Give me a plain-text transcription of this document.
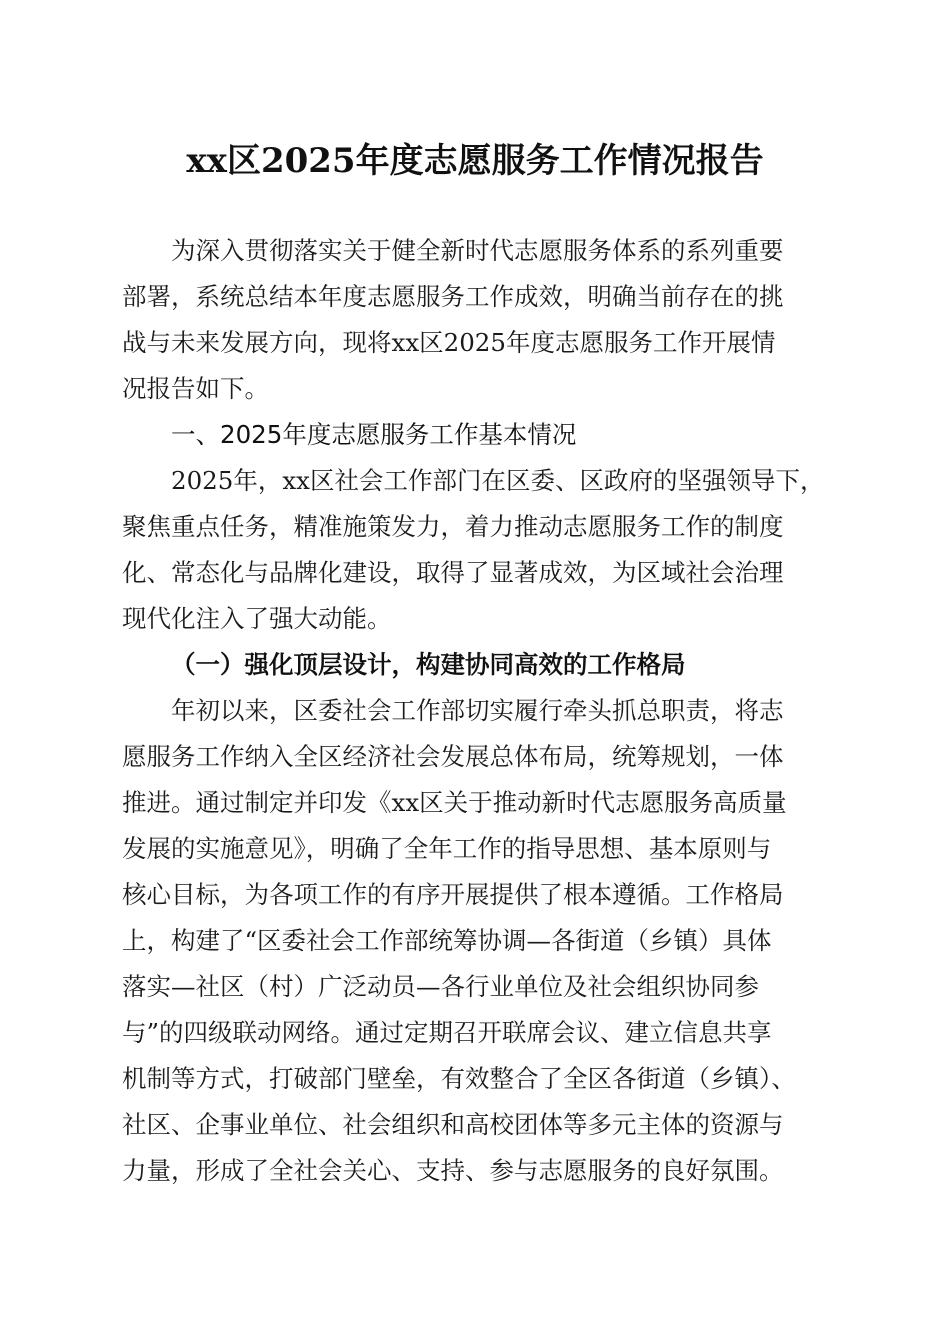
xx区2025年度志愿服务工作情况报告
为深入贯彻落实关于健全新时代志愿服务体系的系列重要
部署，系统总结本年度志愿服务工作成效，明确当前存在的挑
战与未来发展方向，现将xx区2025年度志愿服务工作开展情
况报告如下。
一、2025年度志愿服务工作基本情况
2025年，xx区社会工作部门在区委、区政府的坚强领导下，
聚焦重点任务，精准施策发力，着力推动志愿服务工作的制度
化、常态化与品牌化建设，取得了显著成效，为区域社会治理
现代化注入了强大动能。
（一）强化顶层设计，构建协同高效的工作格局
年初以来，区委社会工作部切实履行牵头抓总职责，将志
愿服务工作纳入全区经济社会发展总体布局，统筹规划，一体
推进。通过制定并印发《xx区关于推动新时代志愿服务高质量
发展的实施意见》，明确了全年工作的指导思想、基本原则与
核心目标，为各项工作的有序开展提供了根本遵循。工作格局
上，构建了“区委社会工作部统筹协调—各街道（乡镇）具体
落实—社区（村）广泛动员—各行业单位及社会组织协同参
与”的四级联动网络。通过定期召开联席会议、建立信息共享
机制等方式，打破部门壁垒，有效整合了全区各街道（乡镇）、
社区、企事业单位、社会组织和高校团体等多元主体的资源与
力量，形成了全社会关心、支持、参与志愿服务的良好氛围。
